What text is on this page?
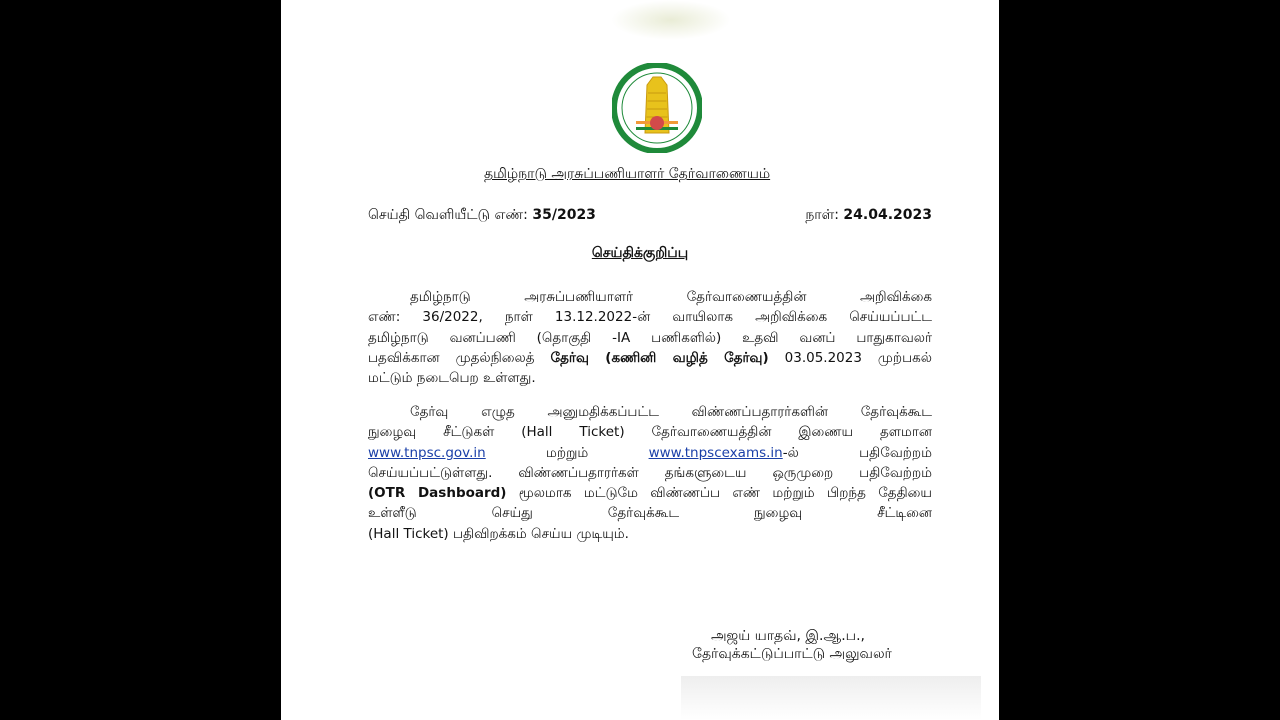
தமிழ்நாடு அரசுப்பணியாளர் தேர்வாணையம்
செய்தி வெளியீட்டு எண்: 35/2023	நாள்: 24.04.2023
செய்திக்குறிப்பு
தமிழ்நாடு அரசுப்பணியாளர் தேர்வாணையத்தின் அறிவிக்கை
எண்: 36/2022, நாள் 13.12.2022-ன் வாயிலாக அறிவிக்கை செய்யப்பட்ட
தமிழ்நாடு வனப்பணி (தொகுதி -IA பணிகளில்) உதவி வனப் பாதுகாவலர்
பதவிக்கான முதல்நிலைத் தேர்வு (கணினி வழித் தேர்வு) 03.05.2023 முற்பகல்
மட்டும் நடைபெற உள்ளது.
தேர்வு எழுத அனுமதிக்கப்பட்ட விண்ணப்பதாரர்களின் தேர்வுக்கூட
நுழைவு சீட்டுகள் (Hall Ticket) தேர்வாணையத்தின் இணைய தளமான
www.tnpsc.gov.in மற்றும் www.tnpscexams.in-ல் பதிவேற்றம்
செய்யப்பட்டுள்ளது. விண்ணப்பதாரர்கள் தங்களுடைய ஒருமுறை பதிவேற்றம்
(OTR Dashboard) மூலமாக மட்டுமே விண்ணப்ப எண் மற்றும் பிறந்த தேதியை
உள்ளீடு செய்து தேர்வுக்கூட நுழைவு சீட்டினை
(Hall Ticket) பதிவிறக்கம் செய்ய முடியும்.
அஜய் யாதவ், இ.ஆ.ப.,
தேர்வுக்கட்டுப்பாட்டு அலுவலர்
